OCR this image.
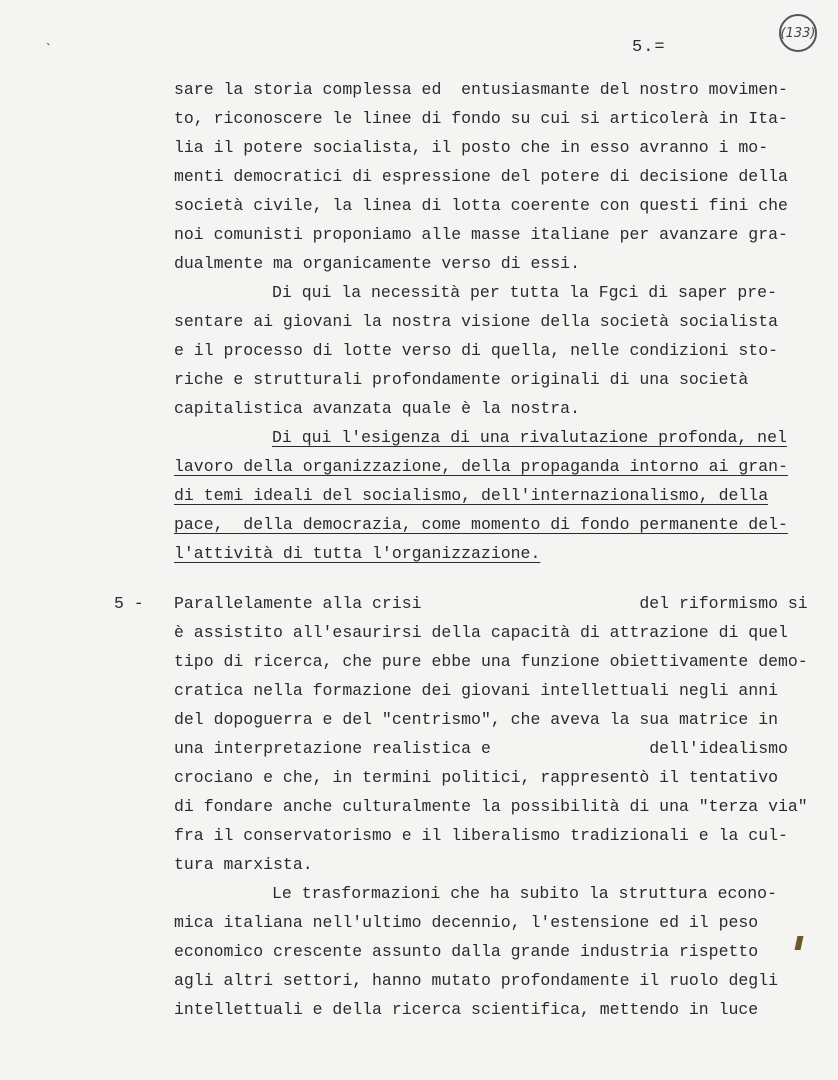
`	5.=
(133)
sare la storia complessa ed  entusiasmante del nostro movimen-
to, riconoscere le linee di fondo su cui si articolerà in Ita-
lia il potere socialista, il posto che in esso avranno i mo-
menti democratici di espressione del potere di decisione della
società civile, la linea di lotta coerente con questi fini che
noi comunisti proponiamo alle masse italiane per avanzare gra-
dualmente ma organicamente verso di essi.
Di qui la necessità per tutta la Fgci di saper pre-
sentare ai giovani la nostra visione della società socialista
e il processo di lotte verso di quella, nelle condizioni sto-
riche e strutturali profondamente originali di una società
capitalistica avanzata quale è la nostra.
Di qui l'esigenza di una rivalutazione profonda, nel
lavoro della organizzazione, della propaganda intorno ai gran-
di temi ideali del socialismo, dell'internazionalismo, della
pace,  della democrazia, come momento di fondo permanente del-
l'attività di tutta l'organizzazione.
5 - Parallelamente alla crisi                      del riformismo si
è assistito all'esaurirsi della capacità di attrazione di quel
tipo di ricerca, che pure ebbe una funzione obiettivamente demo-
cratica nella formazione dei giovani intellettuali negli anni
del dopoguerra e del "centrismo", che aveva la sua matrice in
una interpretazione realistica e                dell'idealismo
crociano e che, in termini politici, rappresentò il tentativo
di fondare anche culturalmente la possibilità di una "terza via"
fra il conservatorismo e il liberalismo tradizionali e la cul-
tura marxista.
Le trasformazioni che ha subito la struttura econo-
mica italiana nell'ultimo decennio, l'estensione ed il peso
economico crescente assunto dalla grande industria rispetto
agli altri settori, hanno mutato profondamente il ruolo degli
intellettuali e della ricerca scientifica, mettendo in luce
